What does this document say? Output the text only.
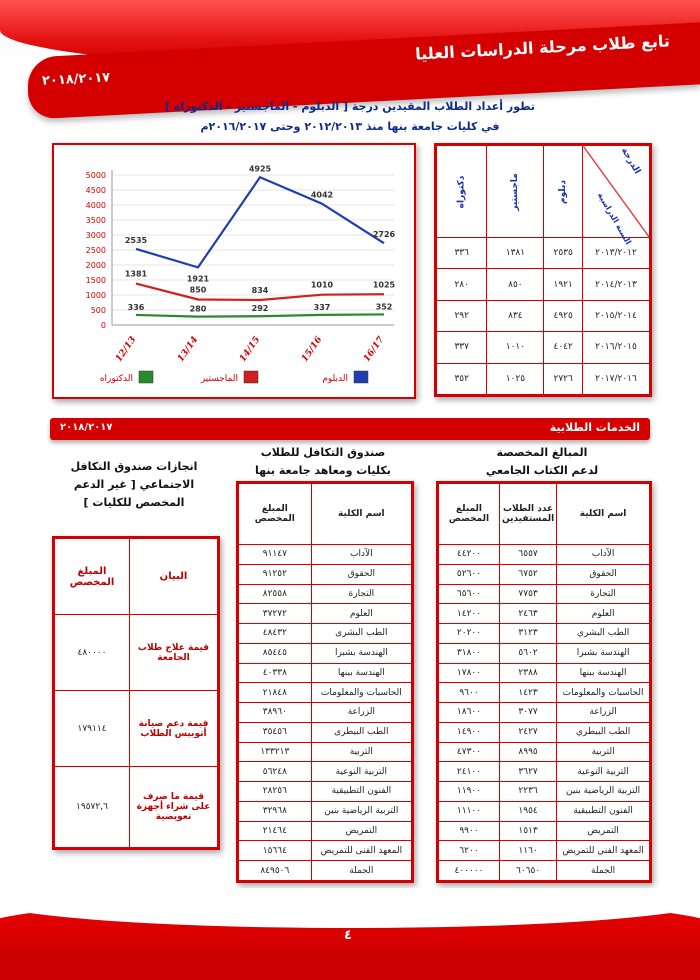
تابع طلاب مرحلة الدراسات العليا
٢٠١٨/٢٠١٧
تطور أعداد الطلاب المقيدين درجة [ الدبلوم - الماجستير - الدكتوراه ]
في كليات جامعة بنها منذ ٢٠١٢/٢٠١٣ وحتى ٢٠١٦/٢٠١٧م
الدرجة
السنة الدراسية	دبلوم	ماجستير	دكتوراه

٢٠١٣/٢٠١٢	٢٥٣٥	١٣٨١	٣٣٦
٢٠١٤/٢٠١٣	١٩٢١	٨٥٠	٢٨٠
٢٠١٥/٢٠١٤	٤٩٢٥	٨٣٤	٢٩٢
٢٠١٦/٢٠١٥	٤٠٤٢	١٠١٠	٣٣٧
٢٠١٧/٢٠١٦	٢٧٢٦	١٠٢٥	٣٥٢
0
500
1000
1500
2000
2500
3000
3500
4000
4500
5000
12/13	13/14	14/15	15/16	16/17
2535
1921
4925
4042
2726
1381
850	834
1010	1025
336	280	292	337	352
الدبلوم
الماجستير
الدكتوراه
الخدمات الطلابية
٢٠١٨/٢٠١٧
المبالغ المخصصة
لدعم الكتاب الجامعي
اسم الكلية	عدد الطلاب المستفيدين	المبلغ المخصص
الآداب	٦٥٥٧	٤٤٢٠٠
الحقوق	٦٧٥٢	٥٢٦٠٠
التجارة	٧٧٥٣	٦٥٦٠٠
العلوم	٢٤٦٣	١٤٢٠٠
الطب البشري	٣١٢٣	٢٠٢٠٠
الهندسة بشبرا	٥٦٠٢	٣١٨٠٠
الهندسة ببنها	٢٣٨٨	١٧٨٠٠
الحاسبات والمعلومات	١٤٢٣	٩٦٠٠
الزراعة	٣٠٧٧	١٨٦٠٠
الطب البيطري	٢٤٢٧	١٤٩٠٠
التربية	٨٩٩٥	٤٧٣٠٠
التربية النوعية	٣٦٢٧	٢٤١٠٠
التربية الرياضية بنين	٢٢٣٦	١١٩٠٠
الفنون التطبيقية	١٩٥٤	١١١٠٠
التمريض	١٥١٣	٩٩٠٠
المعهد الفني للتمريض	١١٦٠	٦٢٠٠
الجملة	٦٠٦٥٠	٤٠٠٠٠٠
صندوق التكافل للطلاب
بكليات ومعاهد جامعة بنها
اسم الكلية	المبلغ المخصص
الآداب	٩١١٤٧
الحقوق	٩١٢٥٢
التجارة	٨٢٥٥٨
العلوم	٣٧٢٧٢
الطب البشرى	٤٨٤٣٢
الهندسة بشبرا	٨٥٤٤٥
الهندسة ببنها	٤٠٣٣٨
الحاسبات والمعلومات	٢١٨٤٨
الزراعة	٣٨٩٦٠
الطب البيطرى	٣٥٤٥٦
التربية	١٣٣٢١٣
التربية النوعية	٥٦٢٤٨
الفنون التطبيقية	٢٨٢٥٦
التربية الرياضية بنين	٣٢٩٦٨
التمريض	٢١٤٦٤
المعهد الفنى للتمريض	١٥٦٦٤
الجملة	٨٤٩٥٠٦
انجازات صندوق التكافل
الاجتماعي [ غير الدعم
المخصص للكليات ]
البيان	المبلغ المخصص
قيمة علاج طلاب الجامعة	٤٨٠٠٠٠
قيمة دعم صيانة أتوبيس الطلاب	١٧٩١١٤
قيمة ما صرف على شراء أجهزة تعويضية	١٩٥٧٢,٦
٤
